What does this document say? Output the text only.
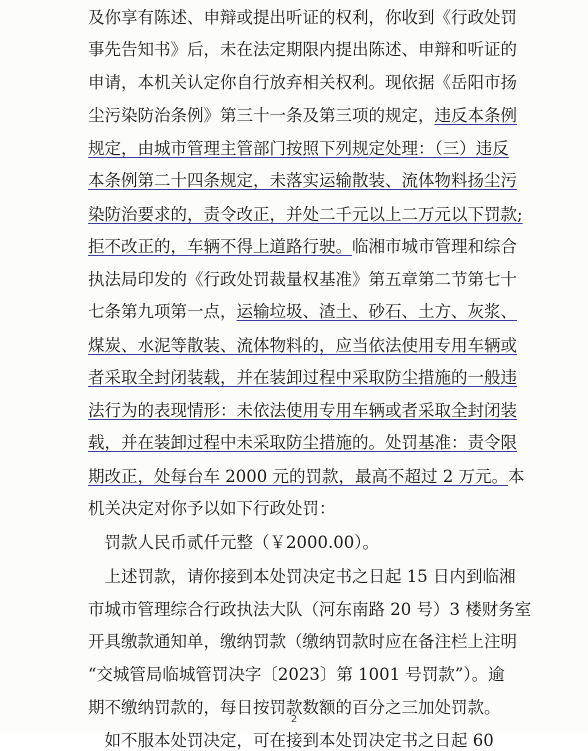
及你享有陈述、申辩或提出听证的权利，你收到《行政处罚
事先告知书》后，未在法定期限内提出陈述、申辩和听证的
申请，本机关认定你自行放弃相关权利。现依据《岳阳市扬
尘污染防治条例》第三十一条及第三项的规定，违反本条例
规定，由城市管理主管部门按照下列规定处理：（三）违反
本条例第二十四条规定，未落实运输散装、流体物料扬尘污
染防治要求的，责令改正，并处二千元以上二万元以下罚款;
拒不改正的，车辆不得上道路行驶。临湘市城市管理和综合
执法局印发的《行政处罚裁量权基准》第五章第二节第七十
七条第九项第一点，运输垃圾、渣土、砂石、土方、灰浆、
煤炭、水泥等散装、流体物料的，应当依法使用专用车辆或
者采取全封闭装载，并在装卸过程中采取防尘措施的一般违
法行为的表现情形：未依法使用专用车辆或者采取全封闭装
载，并在装卸过程中未采取防尘措施的。处罚基准：责令限
期改正，处每台车 2000 元的罚款，最高不超过 2 万元。本
机关决定对你予以如下行政处罚：
　罚款人民币贰仟元整（￥2000.00）。
　上述罚款，请你接到本处罚决定书之日起 15 日内到临湘
市城市管理综合行政执法大队（河东南路 20 号）3 楼财务室
开具缴款通知单，缴纳罚款（缴纳罚款时应在备注栏上注明
“交城管局临城管罚决字〔2023〕第 1001 号罚款”）。逾
期不缴纳罚款的，每日按罚款数额的百分之三加处罚款。
　如不服本处罚决定，可在接到本处罚决定书之日起 60
2
